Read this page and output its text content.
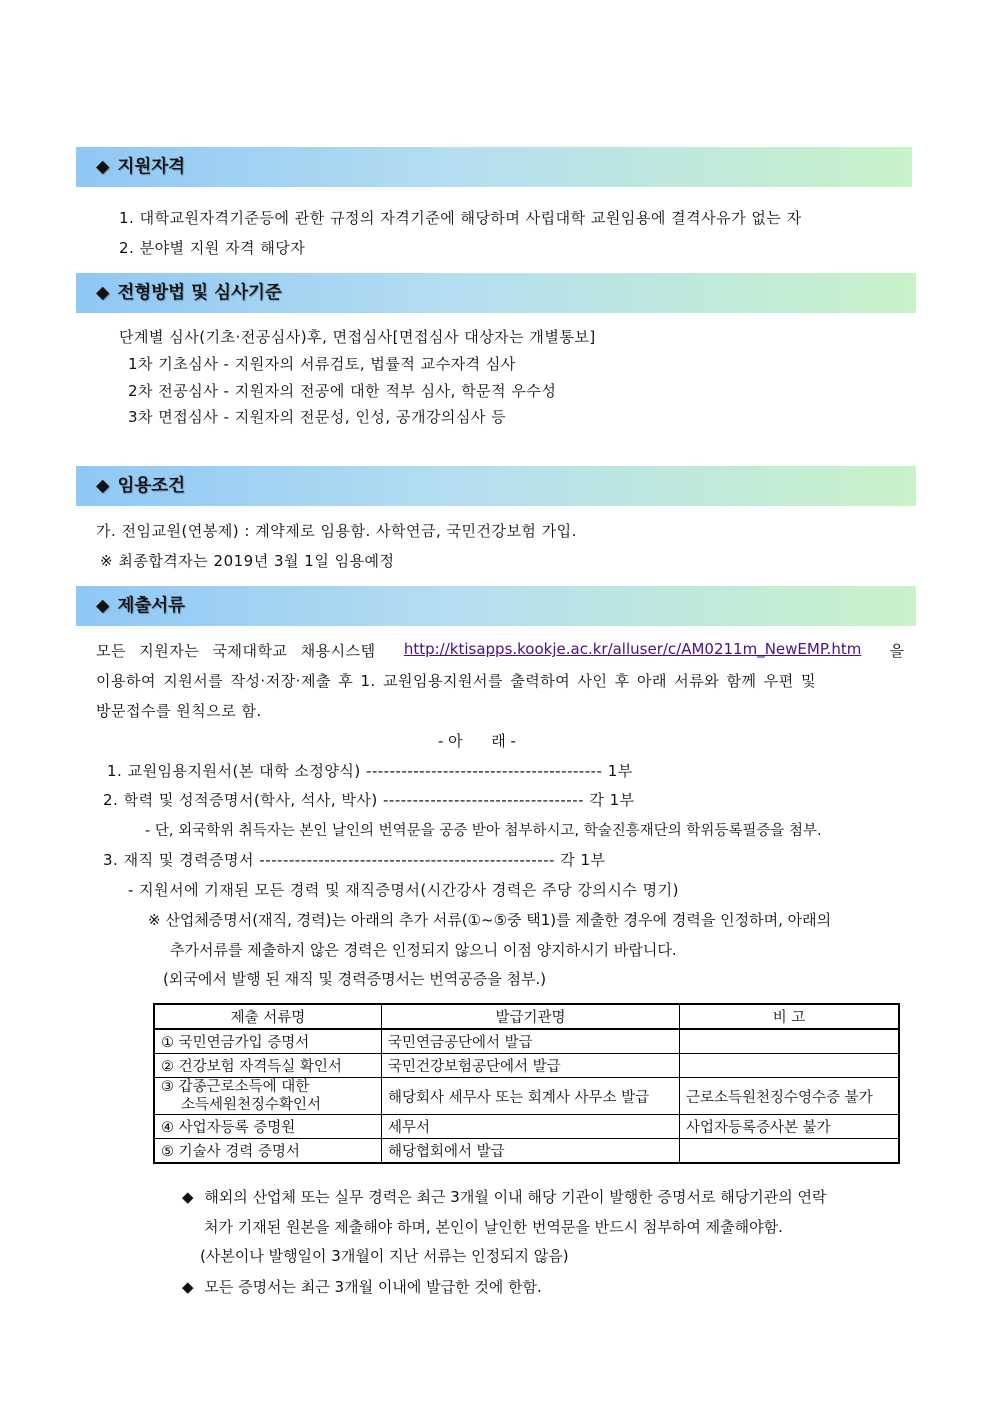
◆ 지원자격
1. 대학교원자격기준등에 관한 규정의 자격기준에 해당하며 사립대학 교원임용에 결격사유가 없는 자
2. 분야별 지원 자격 해당자
◆ 전형방법 및 심사기준
단계별 심사(기초·전공심사)후, 면접심사[면접심사 대상자는 개별통보]
1차 기초심사 - 지원자의 서류검토, 법률적 교수자격 심사
2차 전공심사 - 지원자의 전공에 대한 적부 심사, 학문적 우수성
3차 면접심사 - 지원자의 전문성, 인성, 공개강의심사 등
◆ 임용조건
가. 전임교원(연봉제) : 계약제로 임용함. 사학연금, 국민건강보험 가입.
※ 최종합격자는 2019년 3월 1일 임용예정
◆ 제출서류
모든 지원자는 국제대학교 채용시스템 http://ktisapps.kookje.ac.kr/alluser/c/AM0211m_NewEMP.htm 을
이용하여 지원서를 작성·저장·제출 후 1. 교원임용지원서를 출력하여 사인 후 아래 서류와 함께 우편 및
방문접수를 원칙으로 함.
- 아      래 -
1. 교원임용지원서(본 대학 소정양식) ---------------------------------------- 1부
2. 학력 및 성적증명서(학사, 석사, 박사) ---------------------------------- 각 1부
- 단, 외국학위 취득자는 본인 날인의 번역문을 공증 받아 첨부하시고, 학술진흥재단의 학위등록필증을 첨부.
3. 재직 및 경력증명서 -------------------------------------------------- 각 1부
- 지원서에 기재된 모든 경력 및 재직증명서(시간강사 경력은 주당 강의시수 명기)
※ 산업체증명서(재직, 경력)는 아래의 추가 서류(①~⑤중 택1)를 제출한 경우에 경력을 인정하며, 아래의
추가서류를 제출하지 않은 경력은 인정되지 않으니 이점 양지하시기 바랍니다.
(외국에서 발행 된 재직 및 경력증명서는 번역공증을 첨부.)
제출 서류명	발급기관명	비 고
① 국민연금가입 증명서	국민연금공단에서 발급	
② 건강보험 자격득실 확인서	국민건강보험공단에서 발급	

③ 갑종근로소득에 대한
소득세원천징수확인서	해당회사 세무사 또는 회계사 사무소 발급	근로소득원천징수영수증 불가
④ 사업자등록 증명원	세무서	사업자등록증사본 불가
⑤ 기술사 경력 증명서	해당협회에서 발급	
◆ 해외의 산업체 또는 실무 경력은 최근 3개월 이내 해당 기관이 발행한 증명서로 해당기관의 연락
처가 기재된 원본을 제출해야 하며, 본인이 날인한 번역문을 반드시 첨부하여 제출해야함.
(사본이나 발행일이 3개월이 지난 서류는 인정되지 않음)
◆ 모든 증명서는 최근 3개월 이내에 발급한 것에 한함.
